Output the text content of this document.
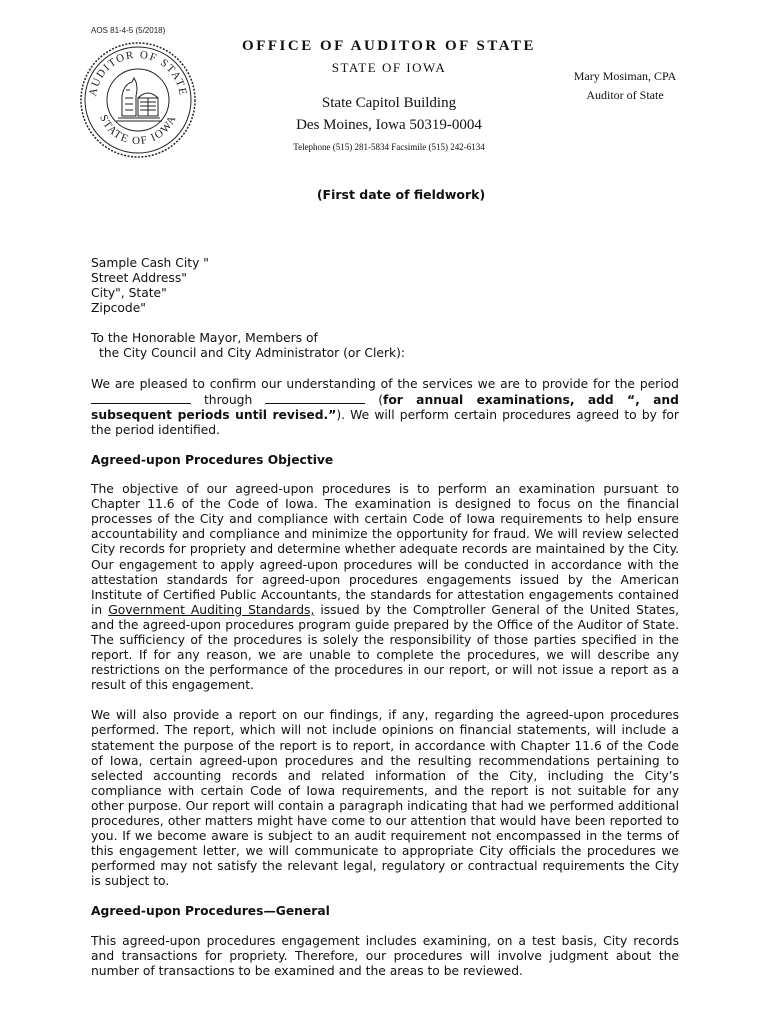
AOS 81-4-5 (5/2018)
AUDITOR OF STATE
STATE OF IOWA
OFFICE OF AUDITOR OF STATE
STATE OF IOWA
Mary Mosiman, CPA
Auditor of State
State Capitol Building
Des Moines, Iowa 50319-0004
Telephone (515) 281-5834 Facsimile (515) 242-6134
(First date of fieldwork)

Sample Cash City "

Street Address"

City", State"

Zipcode"

To the Honorable Mayor, Members of
the City Council and City Administrator (or Clerk):

We are pleased to confirm our understanding of the services we are to provide for the period  through	(for annual examinations, add “, and subsequent periods until revised.”). We will perform certain procedures agreed to by for the period identified.

Agreed-upon Procedures Objective

The objective of our agreed-upon procedures is to perform an examination pursuant to Chapter 11.6 of the Code of Iowa. The examination is designed to focus on the financial processes of the City and compliance with certain Code of Iowa requirements to help ensure accountability and compliance and minimize the opportunity for fraud. We will review selected City records for propriety and determine whether adequate records are maintained by the City. Our engagement to apply agreed-upon procedures will be conducted in accordance with the attestation standards for agreed-upon procedures engagements issued by the American Institute of Certified Public Accountants, the standards for attestation engagements contained in Government Auditing Standards, issued by the Comptroller General of the United States, and the agreed-upon procedures program guide prepared by the Office of the Auditor of State. The sufficiency of the procedures is solely the responsibility of those parties specified in the report. If for any reason, we are unable to complete the procedures, we will describe any restrictions on the performance of the procedures in our report, or will not issue a report as a result of this engagement.

We will also provide a report on our findings, if any, regarding the agreed-upon procedures performed. The report, which will not include opinions on financial statements, will include a statement the purpose of the report is to report, in accordance with Chapter 11.6 of the Code of Iowa, certain agreed-upon procedures and the resulting recommendations pertaining to selected accounting records and related information of the City, including the City’s compliance with certain Code of Iowa requirements, and the report is not suitable for any other purpose. Our report will contain a paragraph indicating that had we performed additional procedures, other matters might have come to our attention that would have been reported to you. If we become aware is subject to an audit requirement not encompassed in the terms of this engagement letter, we will communicate to appropriate City officials the procedures we performed may not satisfy the relevant legal, regulatory or contractual requirements the City is subject to.

Agreed-upon Procedures—General

This agreed-upon procedures engagement includes examining, on a test basis, City records and transactions for propriety. Therefore, our procedures will involve judgment about the number of transactions to be examined and the areas to be reviewed.
